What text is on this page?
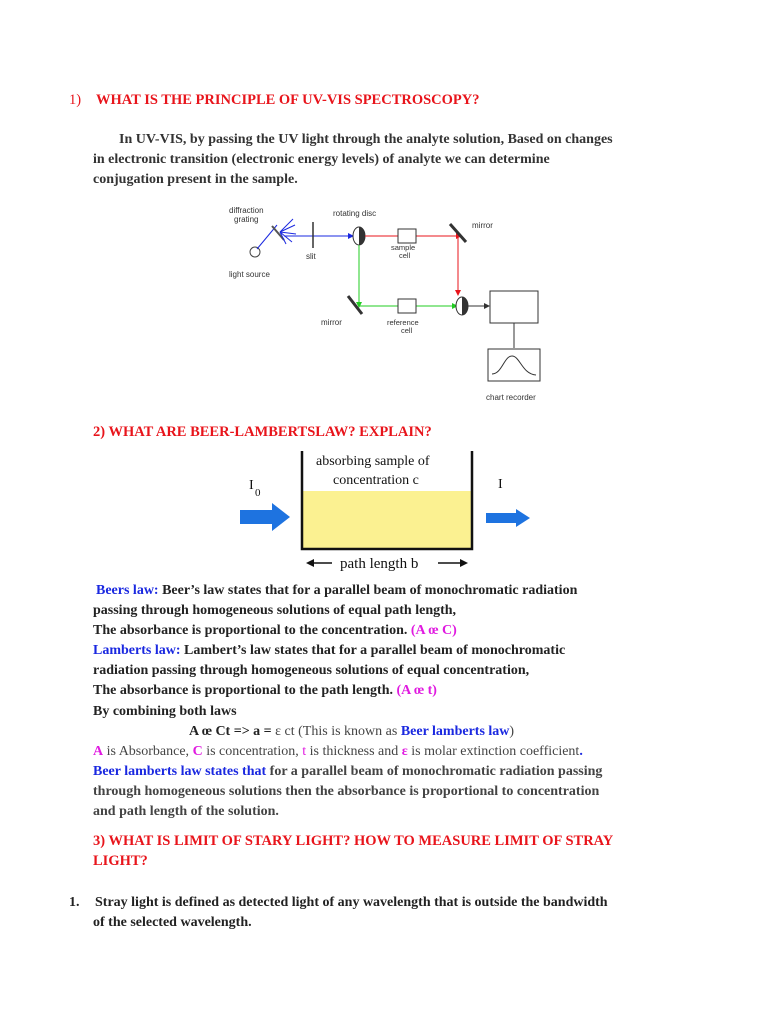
1) WHAT IS THE PRINCIPLE OF UV-VIS SPECTROSCOPY?
In UV-VIS, by passing the UV light through the analyte solution, Based on changes
in electronic transition (electronic energy levels) of analyte we can determine
conjugation present in the sample.
diffraction
grating
light source
slit
rotating disc
sample
cell
mirror
mirror	reference
cell
chart recorder
2) WHAT ARE BEER-LAMBERTSLAW? EXPLAIN?
absorbing sample of
concentration c
I 0
I
path length b
Beers law: Beer’s law states that for a parallel beam of monochromatic radiation
passing through homogeneous solutions of equal path length,
The absorbance is proportional to the concentration. (A œ C)
Lamberts law: Lambert’s law states that for a parallel beam of monochromatic
radiation passing through homogeneous solutions of equal concentration,
The absorbance is proportional to the path length. (A œ t)
By combining both laws
A œ Ct => a = ε ct (This is known as Beer lamberts law)
A is Absorbance, C is concentration, t is thickness and ε is molar extinction coefficient.
Beer lamberts law states that for a parallel beam of monochromatic radiation passing
through homogeneous solutions then the absorbance is proportional to concentration
and path length of the solution.
3) WHAT IS LIMIT OF STARY LIGHT? HOW TO MEASURE LIMIT OF STRAY
LIGHT?
1. Stray light is defined as detected light of any wavelength that is outside the bandwidth
of the selected wavelength.
